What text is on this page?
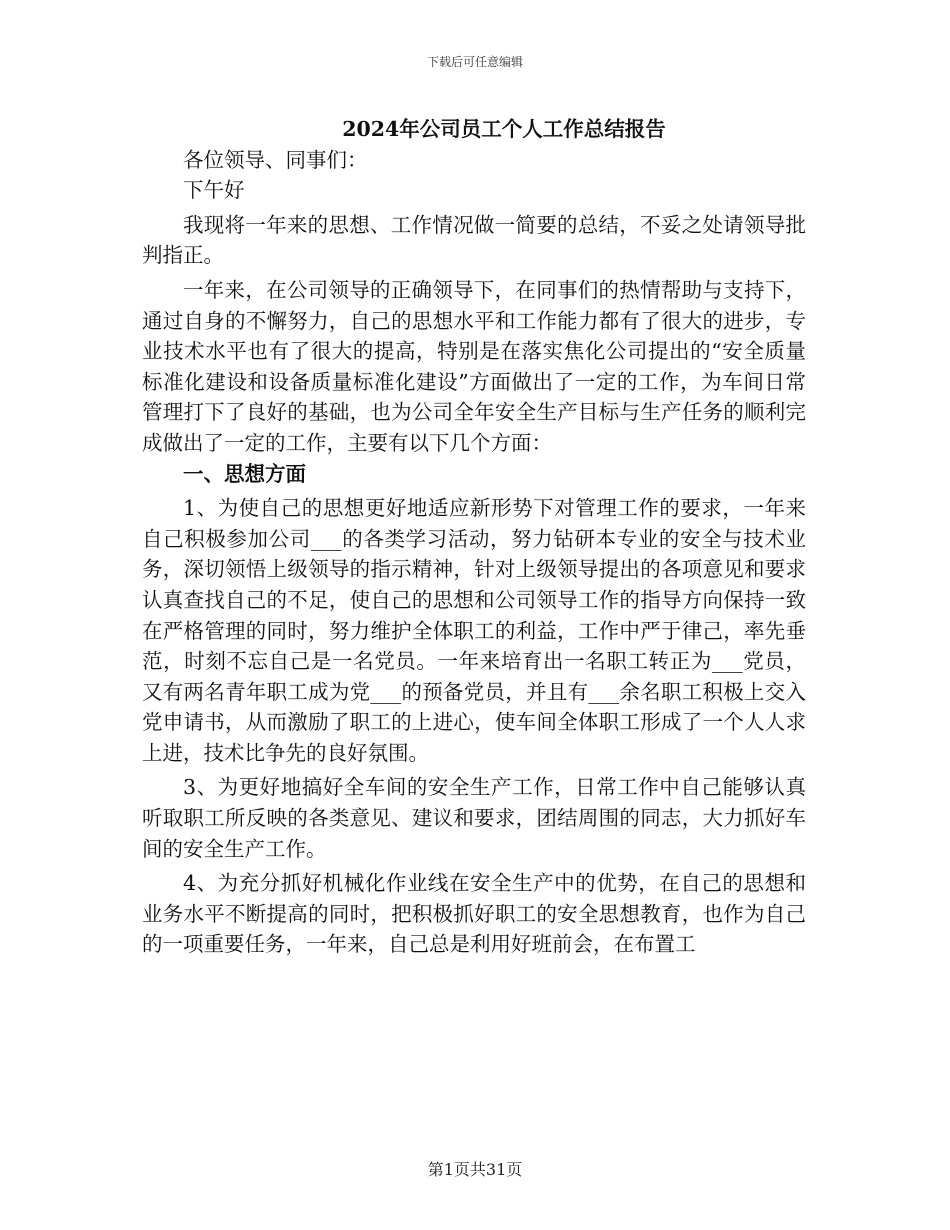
下载后可任意编辑
2024年公司员工个人工作总结报告

各位领导、同事们：

下午好

我现将一年来的思想、工作情况做一简要的总结，不妥之处请领导批判指正。

一年来，在公司领导的正确领导下，在同事们的热情帮助与支持下，通过自身的不懈努力，自己的思想水平和工作能力都有了很大的进步，专业技术水平也有了很大的提高，特别是在落实焦化公司提出的“安全质量标准化建设和设备质量标准化建设”方面做出了一定的工作，为车间日常管理打下了良好的基础，也为公司全年安全生产目标与生产任务的顺利完成做出了一定的工作，主要有以下几个方面：

一、思想方面

1、为使自己的思想更好地适应新形势下对管理工作的要求，一年来自己积极参加公司___的各类学习活动，努力钻研本专业的安全与技术业务，深切领悟上级领导的指示精神，针对上级领导提出的各项意见和要求认真查找自己的不足，使自己的思想和公司领导工作的指导方向保持一致在严格管理的同时，努力维护全体职工的利益，工作中严于律己，率先垂范，时刻不忘自己是一名党员。一年来培育出一名职工转正为___党员，又有两名青年职工成为党___的预备党员，并且有___余名职工积极上交入党申请书，从而激励了职工的上进心，使车间全体职工形成了一个人人求上进，技术比争先的良好氛围。

3、为更好地搞好全车间的安全生产工作，日常工作中自己能够认真听取职工所反映的各类意见、建议和要求，团结周围的同志，大力抓好车间的安全生产工作。

4、为充分抓好机械化作业线在安全生产中的优势，在自己的思想和业务水平不断提高的同时，把积极抓好职工的安全思想教育，也作为自己的一项重要任务，一年来，自己总是利用好班前会，在布置工

第1页共31页
